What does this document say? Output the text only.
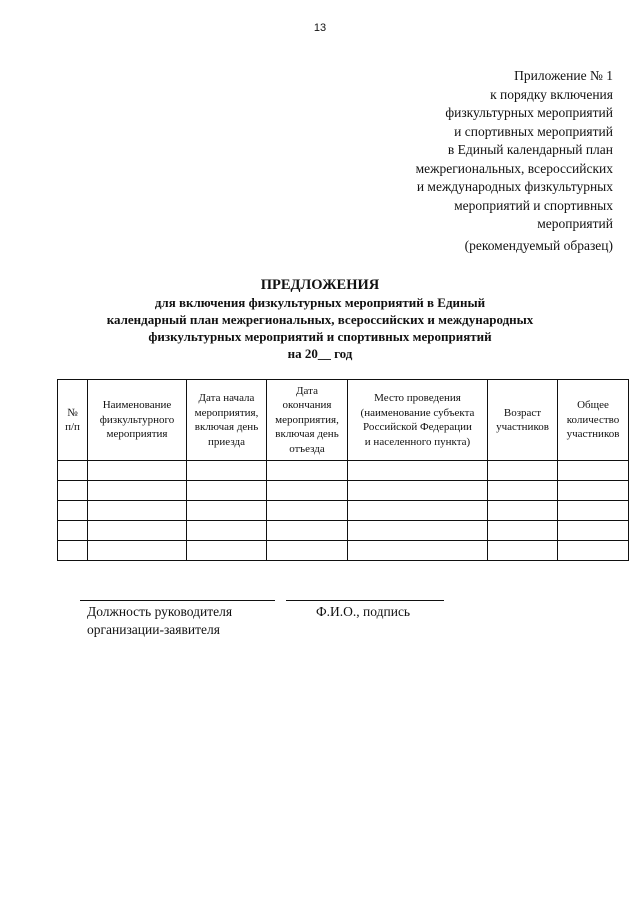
13
Приложение № 1
к порядку включения
физкультурных мероприятий
и спортивных мероприятий
в Единый календарный план
межрегиональных, всероссийских
и международных физкультурных
мероприятий и спортивных
мероприятий
(рекомендуемый образец)
ПРЕДЛОЖЕНИЯ
для включения физкультурных мероприятий в Единый
календарный план межрегиональных, всероссийских и международных
физкультурных мероприятий и спортивных мероприятий
на 20__ год
№
п/п	Наименование
физкультурного
мероприятия	Дата начала
мероприятия,
включая день
приезда	Дата
окончания
мероприятия,
включая день
отъезда	Место проведения
(наименование субъекта
Российской Федерации
и населенного пункта)	Возраст
участников	Общее
количество
участников

Должность руководителя
организации-заявителя
Ф.И.О., подпись
